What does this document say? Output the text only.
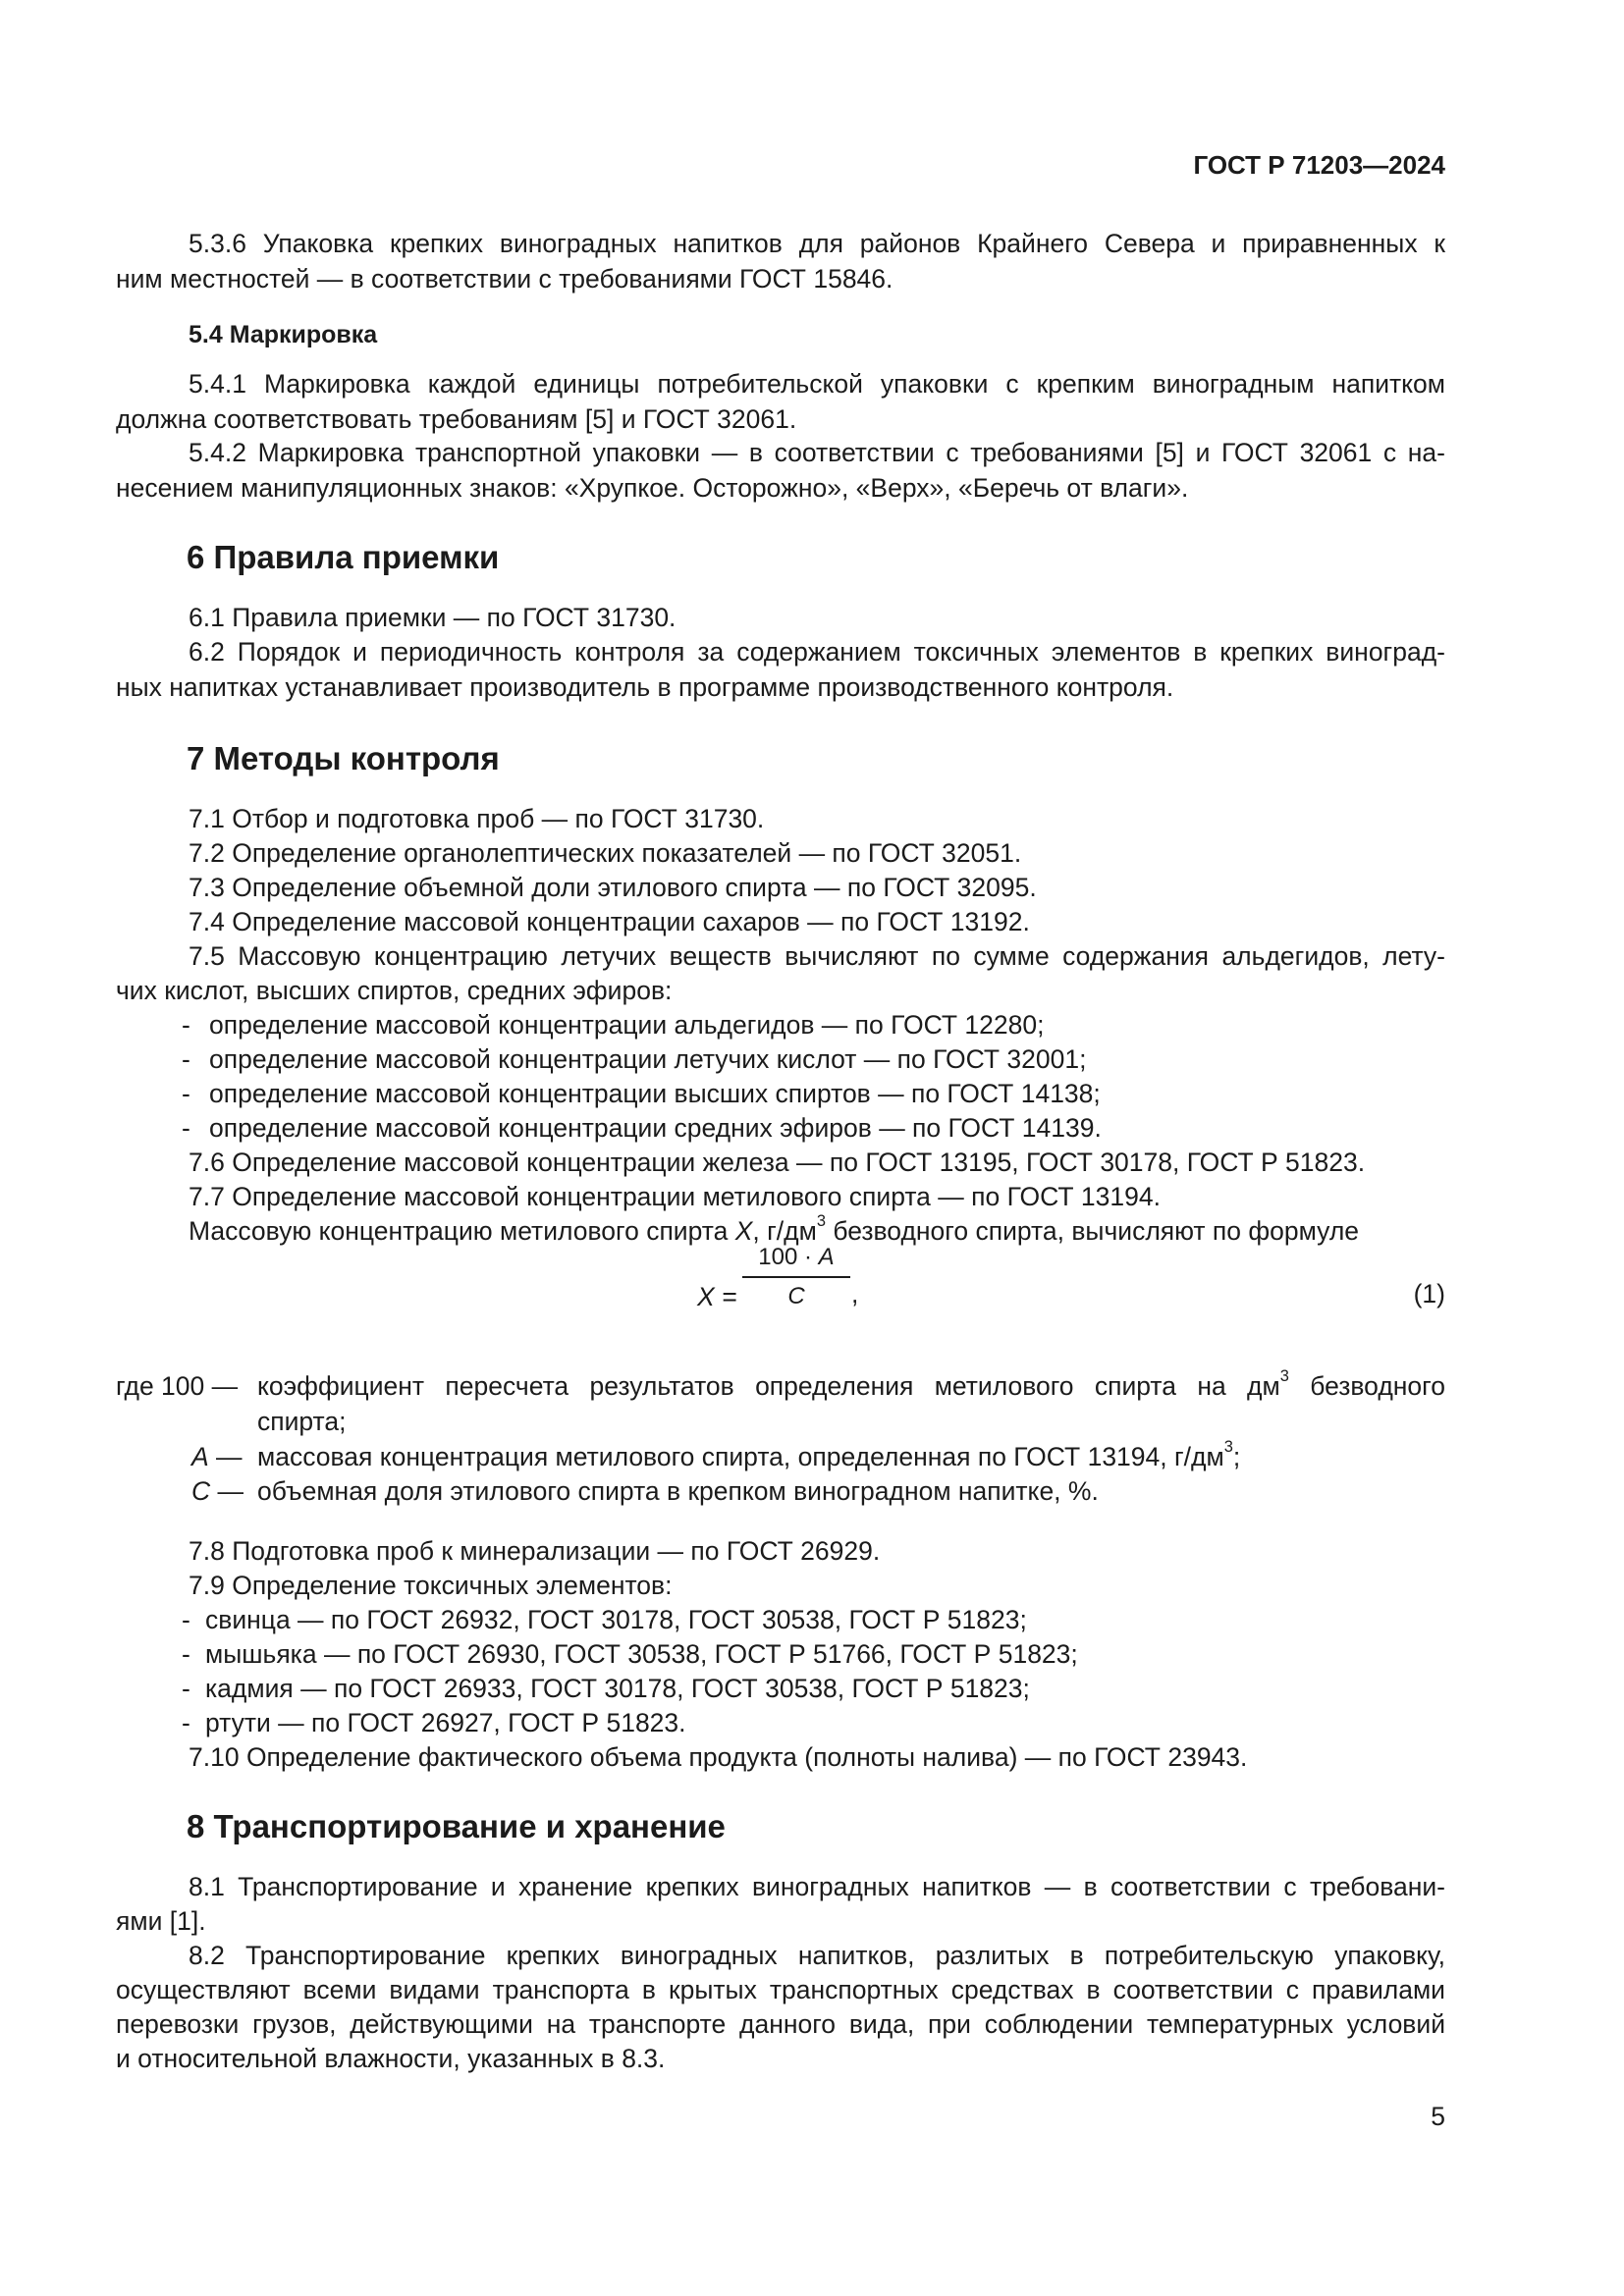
ГОСТ Р 71203—2024
5.3.6 Упаковка крепких виноградных напитков для районов Крайнего Севера и приравненных к
ним местностей — в соответствии с требованиями ГОСТ 15846.
5.4 Маркировка
5.4.1 Маркировка каждой единицы потребительской упаковки с крепким виноградным напитком
должна соответствовать требованиям [5] и ГОСТ 32061.
5.4.2 Маркировка транспортной упаковки — в соответствии с требованиями [5] и ГОСТ 32061 с на-
несением манипуляционных знаков: «Хрупкое. Осторожно», «Верх», «Беречь от влаги».
6 Правила приемки
6.1 Правила приемки — по ГОСТ 31730.
6.2 Порядок и периодичность контроля за содержанием токсичных элементов в крепких виноград-
ных напитках устанавливает производитель в программе производственного контроля.
7 Методы контроля
7.1 Отбор и подготовка проб — по ГОСТ 31730.
7.2 Определение органолептических показателей — по ГОСТ 32051.
7.3 Определение объемной доли этилового спирта — по ГОСТ 32095.
7.4 Определение массовой концентрации сахаров — по ГОСТ 13192.
7.5 Массовую концентрацию летучих веществ вычисляют по сумме содержания альдегидов, лету-
чих кислот, высших спиртов, средних эфиров:
- определение массовой концентрации альдегидов — по ГОСТ 12280;
- определение массовой концентрации летучих кислот — по ГОСТ 32001;
- определение массовой концентрации высших спиртов — по ГОСТ 14138;
- определение массовой концентрации средних эфиров — по ГОСТ 14139.
7.6 Определение массовой концентрации железа — по ГОСТ 13195, ГОСТ 30178, ГОСТ Р 51823.
7.7 Определение массовой концентрации метилового спирта — по ГОСТ 13194.
Массовую концентрацию метилового спирта X, $г/дм^3$ безводного спирта, вычисляют по формуле
X =
100 · A
C	,	(1)
где 100 — коэффициент пересчета результатов определения метилового спирта на $дм^3$ безводного
спирта;
A — массовая концентрация метилового спирта, определенная по ГОСТ 13194, $г/дм^3$;
C — объемная доля этилового спирта в крепком виноградном напитке, %.
7.8 Подготовка проб к минерализации — по ГОСТ 26929.
7.9 Определение токсичных элементов:
- свинца — по ГОСТ 26932, ГОСТ 30178, ГОСТ 30538, ГОСТ Р 51823;
- мышьяка — по ГОСТ 26930, ГОСТ 30538, ГОСТ Р 51766, ГОСТ Р 51823;
- кадмия — по ГОСТ 26933, ГОСТ 30178, ГОСТ 30538, ГОСТ Р 51823;
- ртути — по ГОСТ 26927, ГОСТ Р 51823.
7.10 Определение фактического объема продукта (полноты налива) — по ГОСТ 23943.
8 Транспортирование и хранение
8.1 Транспортирование и хранение крепких виноградных напитков — в соответствии с требовани-
ями [1].
8.2 Транспортирование крепких виноградных напитков, разлитых в потребительскую упаковку,
осуществляют всеми видами транспорта в крытых транспортных средствах в соответствии с правилами
перевозки грузов, действующими на транспорте данного вида, при соблюдении температурных условий
и относительной влажности, указанных в 8.3.
5
